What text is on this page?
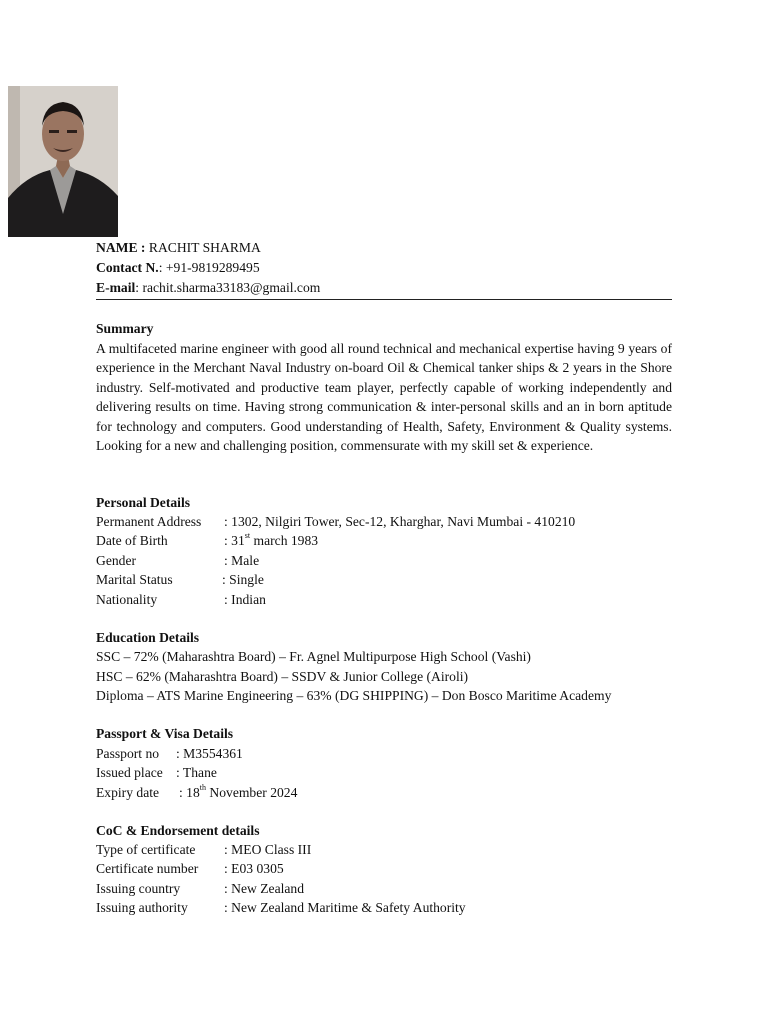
NAME : RACHIT SHARMA
Contact N.: +91-9819289495
E-mail: rachit.sharma33183@gmail.com
Summary
A multifaceted marine engineer with good all round technical and mechanical expertise having 9 years of experience in the Merchant Naval Industry on-board Oil & Chemical tanker ships & 2 years in the Shore industry. Self-motivated and productive team player, perfectly capable of working independently and delivering results on time. Having strong communication & inter-personal skills and an in born aptitude for technology and computers. Good understanding of Health, Safety, Environment & Quality systems. Looking for a new and challenging position, commensurate with my skill set & experience.
Personal Details
Permanent Address : 1302, Nilgiri Tower, Sec-12, Kharghar, Navi Mumbai - 410210
Date of Birth	: 31st march 1983
Gender	: Male
Marital Status	: Single
Nationality	: Indian
Education Details
SSC – 72% (Maharashtra Board) – Fr. Agnel Multipurpose High School (Vashi)
HSC – 62% (Maharashtra Board) – SSDV & Junior College (Airoli)
Diploma – ATS Marine Engineering – 63% (DG SHIPPING) – Don Bosco Maritime Academy
Passport & Visa Details
Passport no : M3554361
Issued place : Thane
Expiry date : 18th November 2024
CoC & Endorsement details
Type of certificate : MEO Class III
Certificate number : E03 0305
Issuing country	: New Zealand
Issuing authority	: New Zealand Maritime & Safety Authority
